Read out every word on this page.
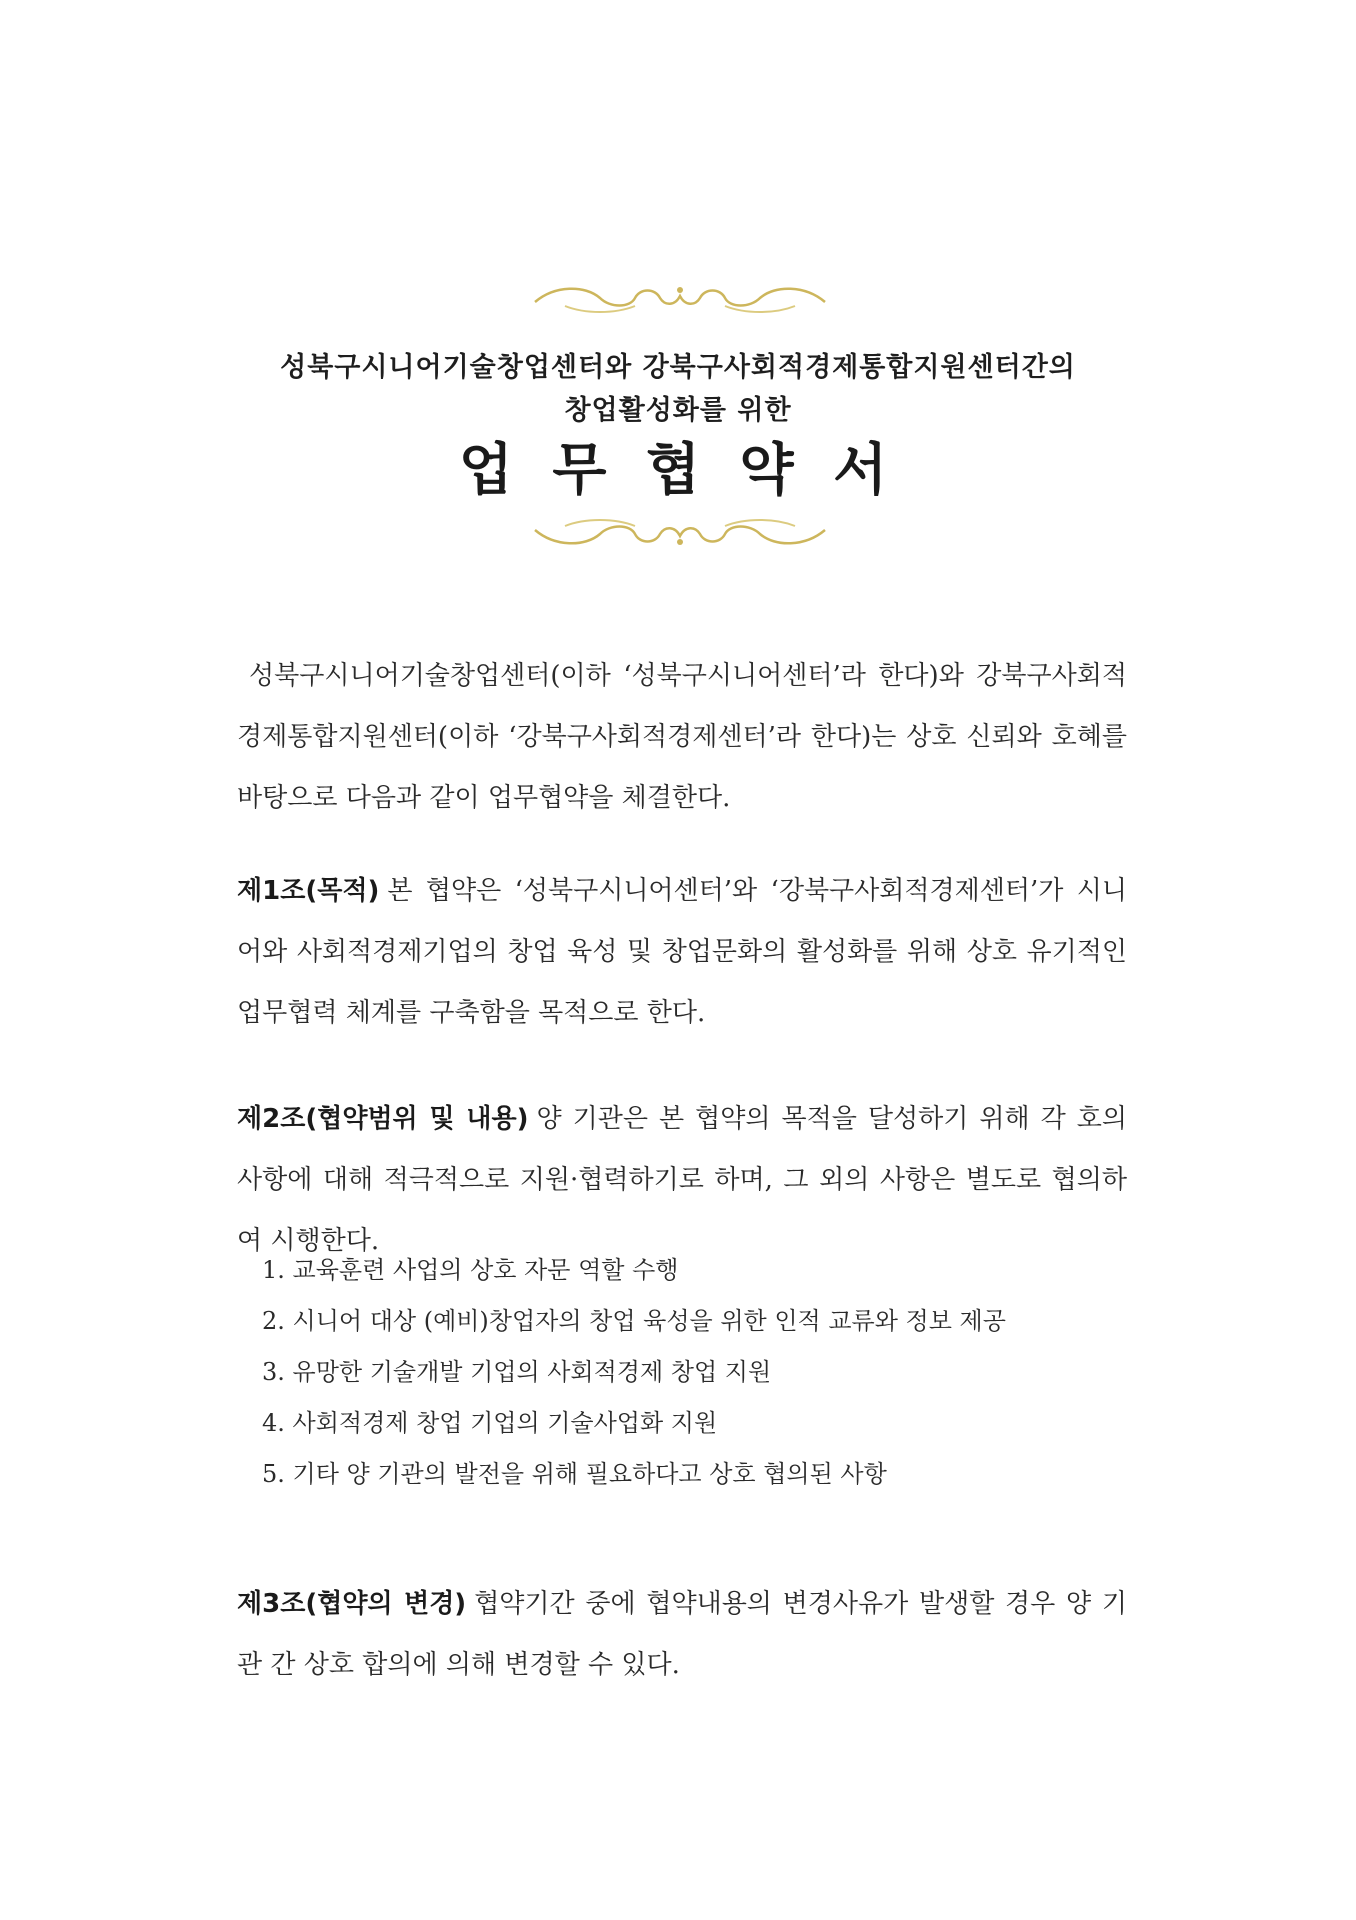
성북구시니어기술창업센터와 강북구사회적경제통합지원센터간의
창업활성화를 위한
업 무 협 약 서

성북구시니어기술창업센터(이하 ‘성북구시니어센터’라 한다)와 강북구사회적경제통합지원센터(이하 ‘강북구사회적경제센터’라 한다)는 상호 신뢰와 호혜를 바탕으로 다음과 같이 업무협약을 체결한다.

제1조(목적) 본 협약은 ‘성북구시니어센터’와 ‘강북구사회적경제센터’가 시니어와 사회적경제기업의 창업 육성 및 창업문화의 활성화를 위해 상호 유기적인 업무협력 체계를 구축함을 목적으로 한다.

제2조(협약범위 및 내용) 양 기관은 본 협약의 목적을 달성하기 위해 각 호의 사항에 대해 적극적으로 지원·협력하기로 하며, 그 외의 사항은 별도로 협의하여 시행한다.

1. 교육훈련 사업의 상호 자문 역할 수행
2. 시니어 대상 (예비)창업자의 창업 육성을 위한 인적 교류와 정보 제공
3. 유망한 기술개발 기업의 사회적경제 창업 지원
4. 사회적경제 창업 기업의 기술사업화 지원
5. 기타 양 기관의 발전을 위해 필요하다고 상호 협의된 사항

제3조(협약의 변경) 협약기간 중에 협약내용의 변경사유가 발생할 경우 양 기관 간 상호 합의에 의해 변경할 수 있다.
